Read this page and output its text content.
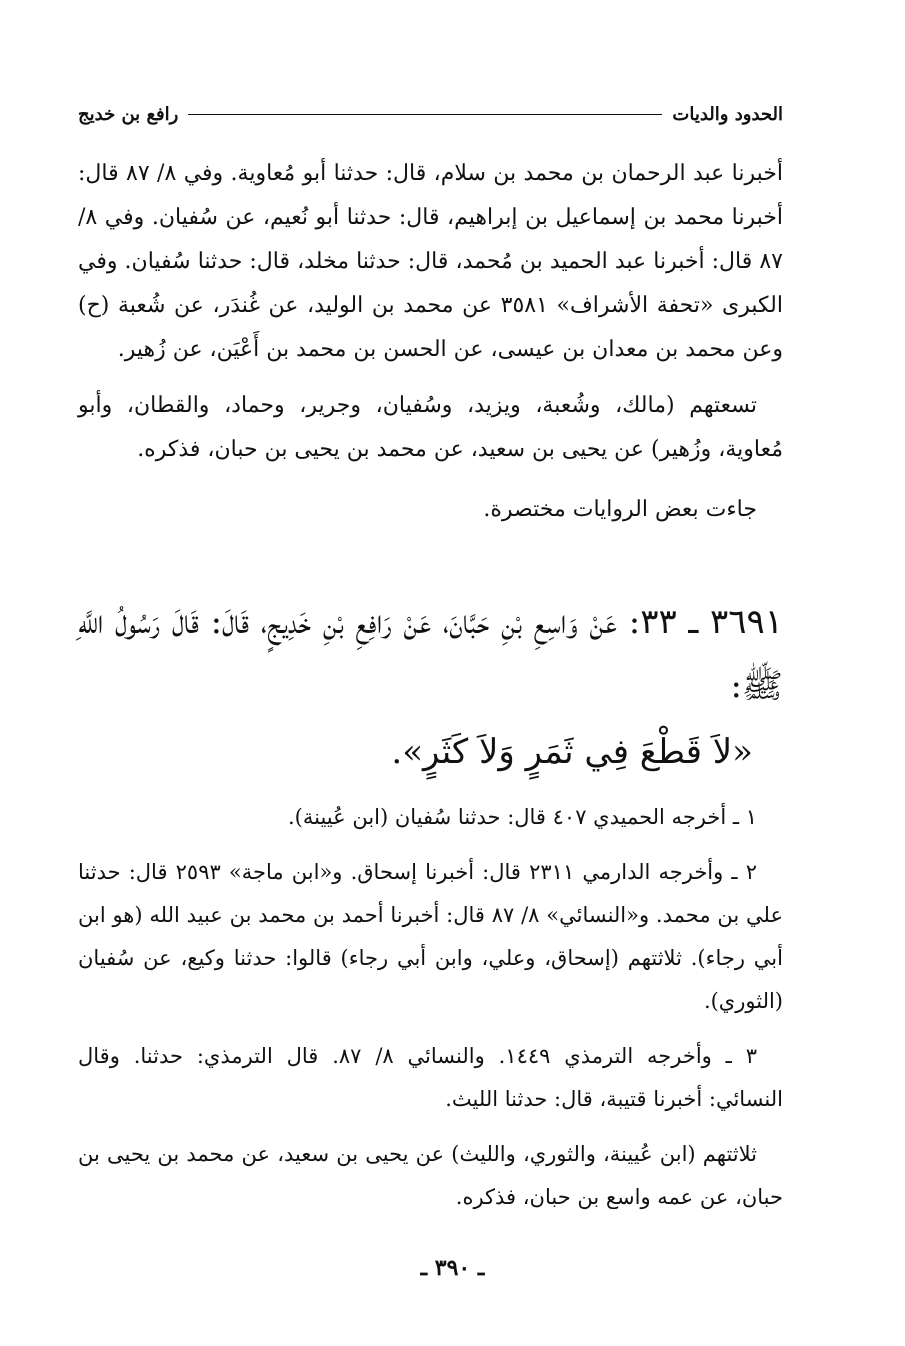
الحدود والديات
رافع بن خديج

أخبرنا عبد الرحمان بن محمد بن سلام، قال: حدثنا أبو مُعاوية. وفي ٨/ ٨٧ قال: أخبرنا محمد بن إسماعيل بن إبراهيم، قال: حدثنا أبو نُعيم، عن سُفيان. وفي ٨/ ٨٧ قال: أخبرنا عبد الحميد بن مُحمد، قال: حدثنا مخلد، قال: حدثنا سُفيان. وفي الكبرى «تحفة الأشراف» ٣٥٨١ عن محمد بن الوليد، عن غُندَر، عن شُعبة (ح) وعن محمد بن معدان بن عيسى، عن الحسن بن محمد بن أَعْيَن، عن زُهير.

تسعتهم (مالك، وشُعبة، ويزيد، وسُفيان، وجرير، وحماد، والقطان، وأبو مُعاوية، وزُهير) عن يحيى بن سعيد، عن محمد بن يحيى بن حبان، فذكره.

جاءت بعض الروايات مختصرة.

٣٦٩١ ـ ٣٣: عَنْ وَاسِعِ بْنِ حَبَّانَ، عَنْ رَافِعِ بْنِ خَدِيجٍ، قَالَ: قَالَ رَسُولُ اللَّهِ ﷺ:

«لاَ قَطْعَ فِي ثَمَرٍ وَلاَ كَثَرٍ».

١ ـ أخرجه الحميدي ٤٠٧ قال: حدثنا سُفيان (ابن عُيينة).

٢ ـ وأخرجه الدارمي ٢٣١١ قال: أخبرنا إسحاق. و«ابن ماجة» ٢٥٩٣ قال: حدثنا علي بن محمد. و«النسائي» ٨/ ٨٧ قال: أخبرنا أحمد بن محمد بن عبيد الله (هو ابن أبي رجاء). ثلاثتهم (إسحاق، وعلي، وابن أبي رجاء) قالوا: حدثنا وكيع، عن سُفيان (الثوري).

٣ ـ وأخرجه الترمذي ١٤٤٩. والنسائي ٨/ ٨٧. قال الترمذي: حدثنا. وقال النسائي: أخبرنا قتيبة، قال: حدثنا الليث.

ثلاثتهم (ابن عُيينة، والثوري، والليث) عن يحيى بن سعيد، عن محمد بن يحيى بن حبان، عن عمه واسع بن حبان، فذكره.

ـ ٣٩٠ ـ
